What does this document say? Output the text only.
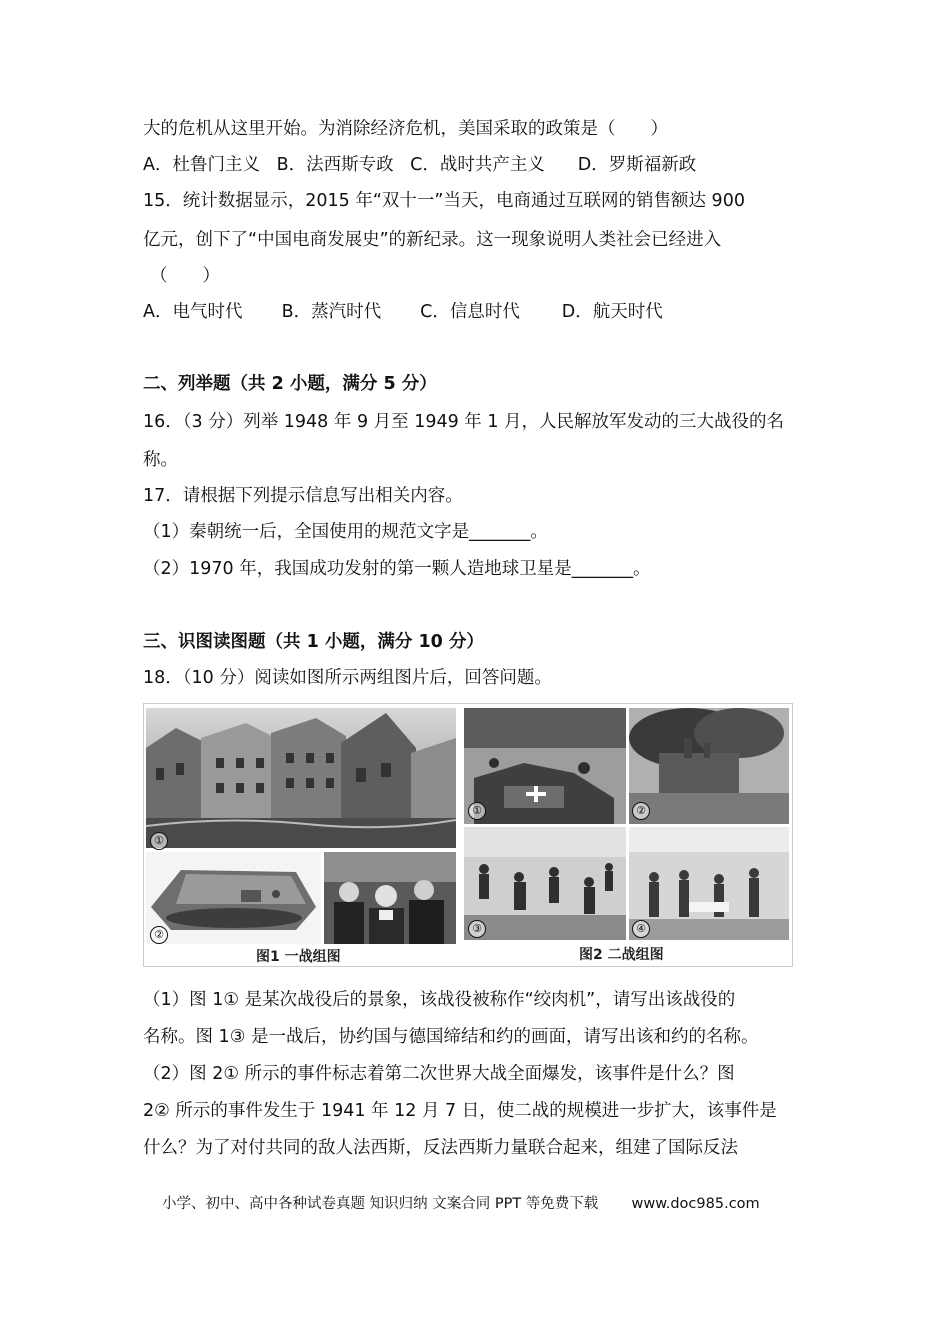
大的危机从这里开始。为消除经济危机，美国采取的政策是（　　）
A．杜鲁门主义 B．法西斯专政 C．战时共产主义 D．罗斯福新政
15．统计数据显示，2015 年“双十一”当天，电商通过互联网的销售额达 900
亿元，创下了“中国电商发展史”的新纪录。这一现象说明人类社会已经进入
（　　）
A．电气时代 B．蒸汽时代 C．信息时代 D．航天时代
二、列举题（共 2 小题，满分 5 分）
16．（3 分）列举 1948 年 9 月至 1949 年 1 月，人民解放军发动的三大战役的名
称。
17．请根据下列提示信息写出相关内容。
（1）秦朝统一后，全国使用的规范文字是_______。
（2）1970 年，我国成功发射的第一颗人造地球卫星是_______。
三、识图读图题（共 1 小题，满分 10 分）
18．（10 分）阅读如图所示两组图片后，回答问题。
①
②
图1 一战组图
①	②
③	④
图2 二战组图
（1）图 1① 是某次战役后的景象，该战役被称作“绞肉机”，请写出该战役的
名称。图 1③ 是一战后，协约国与德国缔结和约的画面，请写出该和约的名称。
（2）图 2① 所示的事件标志着第二次世界大战全面爆发，该事件是什么？图
2② 所示的事件发生于 1941 年 12 月 7 日，使二战的规模进一步扩大，该事件是
什么？为了对付共同的敌人法西斯，反法西斯力量联合起来，组建了国际反法
小学、初中、高中各种试卷真题 知识归纳 文案合同 PPT 等免费下载 www.doc985.com
